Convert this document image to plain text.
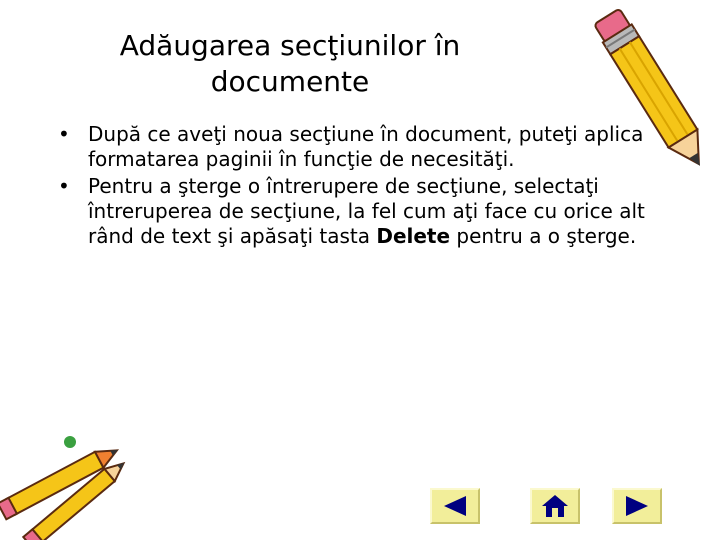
Adăugarea secţiunilor în
documente
• După ce aveţi noua secţiune în document, puteţi aplica formatarea paginii în funcţie de necesităţi.
• Pentru a şterge o întrerupere de secţiune, selectaţi întreruperea de secţiune, la fel cum aţi face cu orice alt rând de text şi apăsaţi tasta Delete pentru a o şterge.
